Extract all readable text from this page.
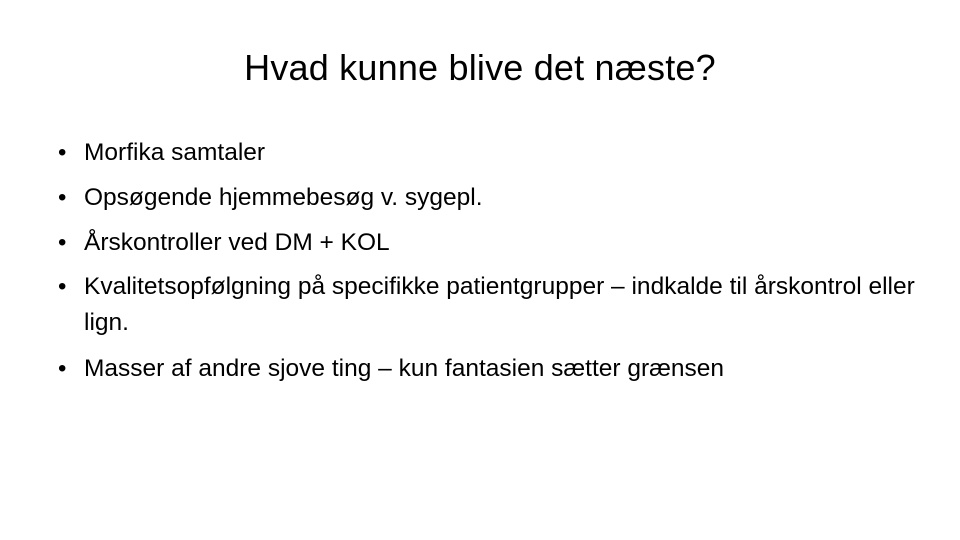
Hvad kunne blive det næste?
• Morfika samtaler
• Opsøgende hjemmebesøg v. sygepl.
• Årskontroller ved DM + KOL
• Kvalitetsopfølgning på specifikke patientgrupper – indkalde til årskontrol eller lign.
• Masser af andre sjove ting – kun fantasien sætter grænsen
